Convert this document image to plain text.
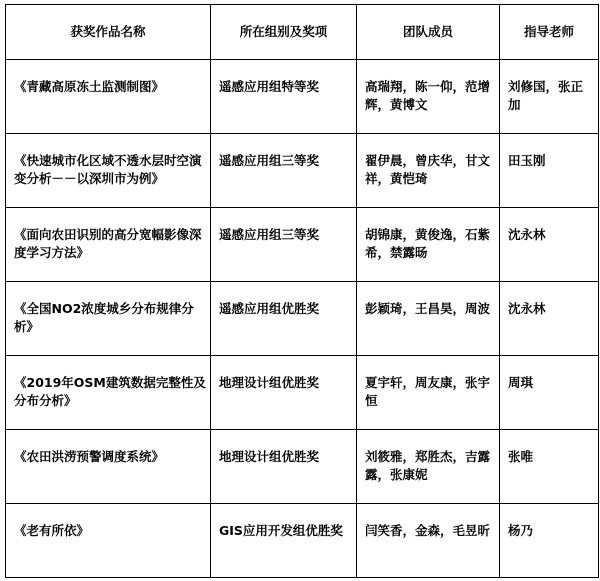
获奖作品名称	所在组别及奖项	团队成员	指导老师
《青藏高原冻土监测制图》	遥感应用组特等奖	高瑞翔，陈一仰，范增辉，黄博文	刘修国，张正加
《快速城市化区域不透水层时空演变分析－－以深圳市为例》	遥感应用组三等奖	翟伊晨，曾庆华，甘文祥，黄恺琦	田玉刚
《面向农田识别的高分宽幅影像深度学习方法》	遥感应用组三等奖	胡锦康，黄俊逸，石紫希，禁露旸	沈永林
《全国NO2浓度城乡分布规律分析》	遥感应用组优胜奖	彭颖琦，王昌昊，周波	沈永林
《2019年OSM建筑数据完整性及分布分析》	地理设计组优胜奖	夏宇轩，周友康，张宇恒	周琪
《农田洪涝预警调度系统》	地理设计组优胜奖	刘筱雅，郑胜杰，吉露露，张康妮	张唯
《老有所依》	GIS应用开发组优胜奖	闫笑香，金森，毛昱昕	杨乃
